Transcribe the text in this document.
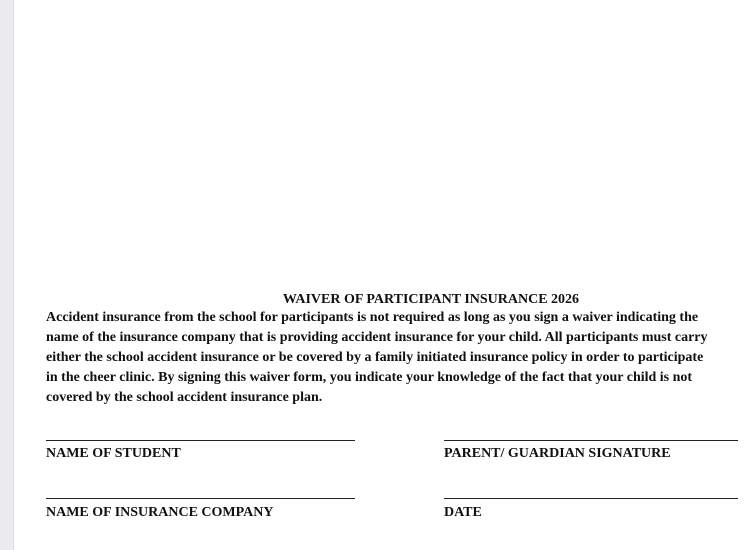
WAIVER OF PARTICIPANT INSURANCE 2026
Accident insurance from the school for participants is not required as long as you sign a waiver indicating the
name of the insurance company that is providing accident insurance for your child. All participants must carry
either the school accident insurance or be covered by a family initiated insurance policy in order to participate
in the cheer clinic. By signing this waiver form, you indicate your knowledge of the fact that your child is not
covered by the school accident insurance plan.
NAME OF STUDENT	PARENT/ GUARDIAN SIGNATURE
NAME OF INSURANCE COMPANY	DATE
